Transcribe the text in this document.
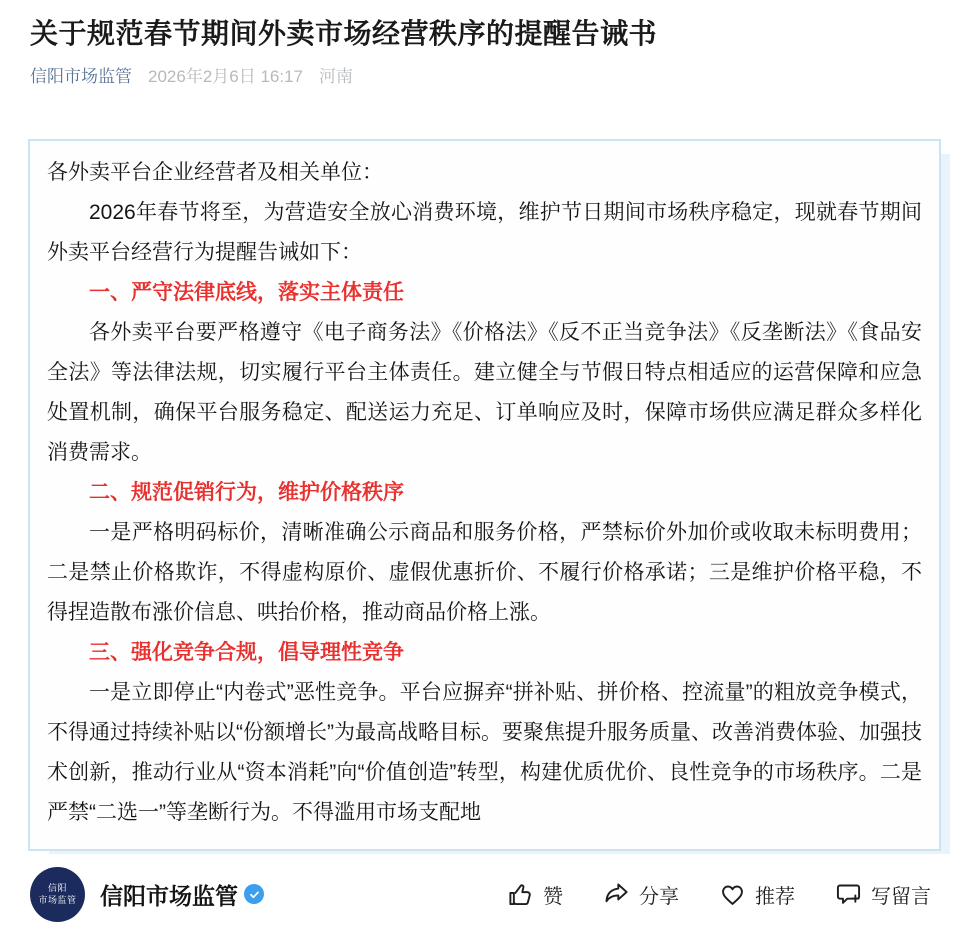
关于规范春节期间外卖市场经营秩序的提醒告诫书
信阳市场监管 2026年2月6日 16:17 河南

各外卖平台企业经营者及相关单位：

2026年春节将至，为营造安全放心消费环境，维护节日期间市场秩序稳定，现就春节期间外卖平台经营行为提醒告诫如下：

一、严守法律底线，落实主体责任

各外卖平台要严格遵守《电子商务法》《价格法》《反不正当竞争法》《反垄断法》《食品安全法》等法律法规，切实履行平台主体责任。建立健全与节假日特点相适应的运营保障和应急处置机制，确保平台服务稳定、配送运力充足、订单响应及时，保障市场供应满足群众多样化消费需求。

二、规范促销行为，维护价格秩序

一是严格明码标价，清晰准确公示商品和服务价格，严禁标价外加价或收取未标明费用；二是禁止价格欺诈，不得虚构原价、虚假优惠折价、不履行价格承诺；三是维护价格平稳，不得捏造散布涨价信息、哄抬价格，推动商品价格上涨。

三、强化竞争合规，倡导理性竞争

一是立即停止“内卷式”恶性竞争。平台应摒弃“拼补贴、拼价格、控流量”的粗放竞争模式，不得通过持续补贴以“份额增长”为最高战略目标。要聚焦提升服务质量、改善消费体验、加强技术创新，推动行业从“资本消耗”向“价值创造”转型，构建优质优价、良性竞争的市场秩序。二是严禁“二选一”等垄断行为。不得滥用市场支配地

信阳
市场监管 信阳市场监管	赞	分享	推荐	写留言
